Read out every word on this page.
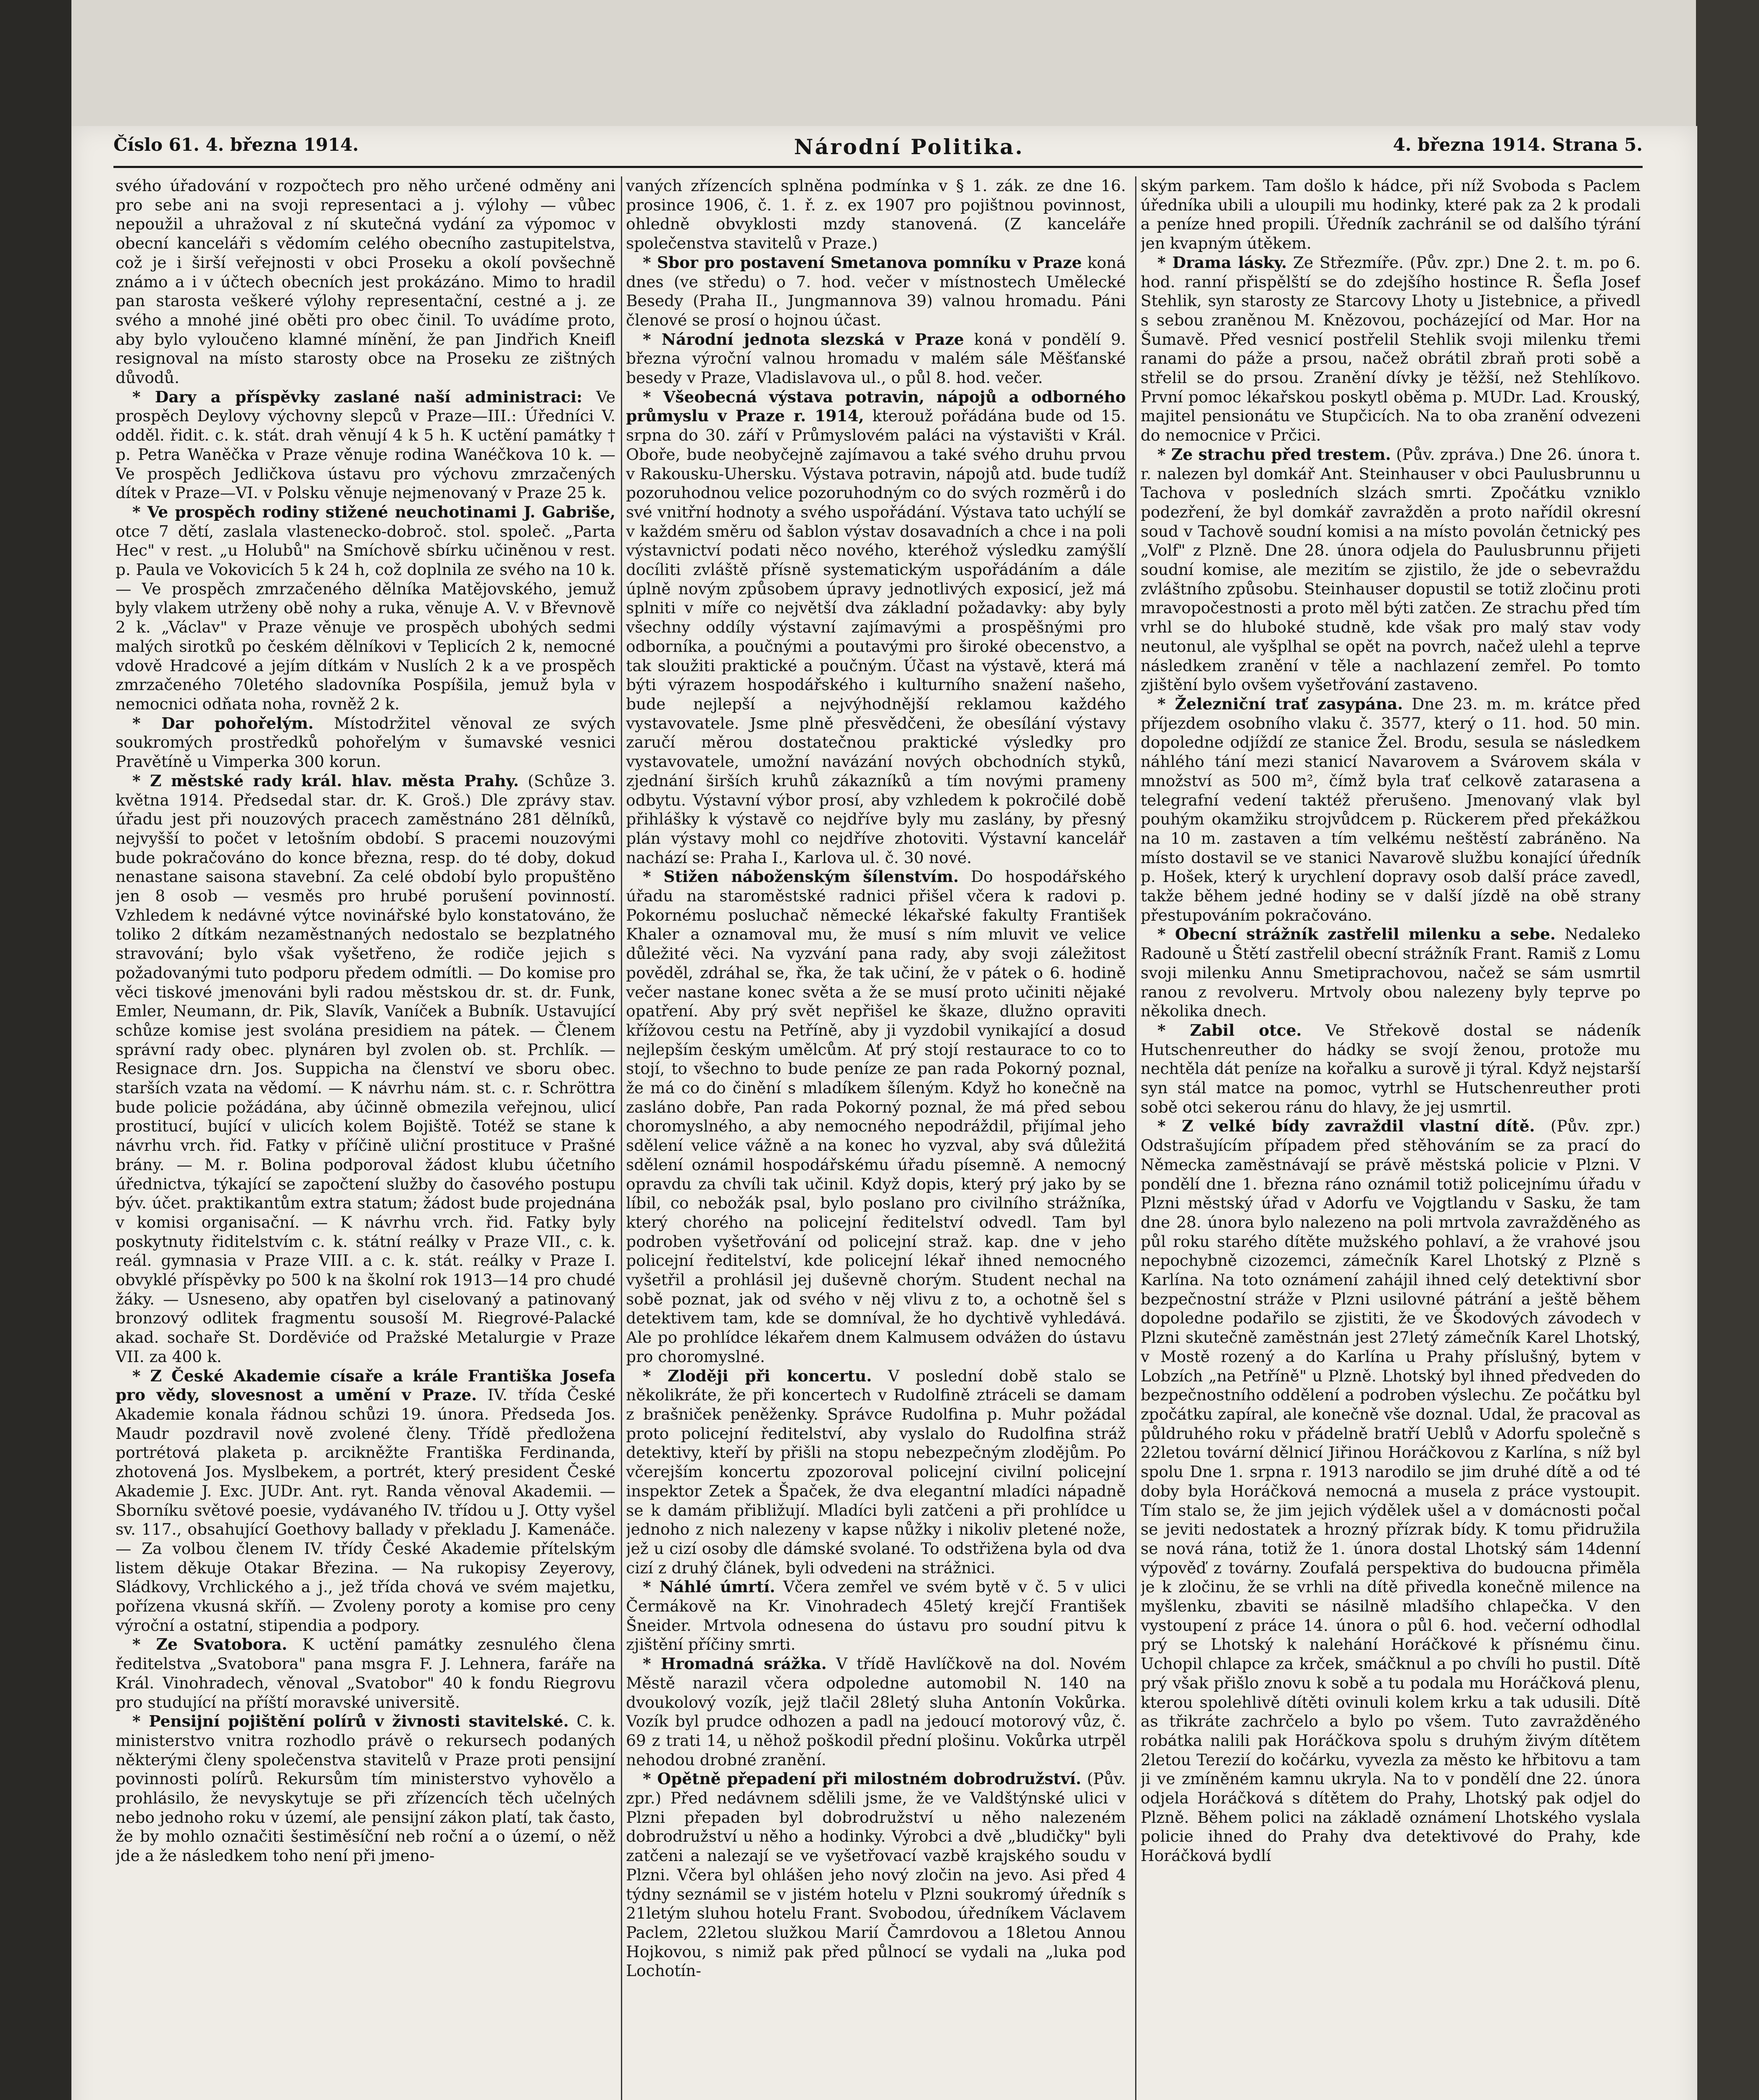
Číslo 61. 4. března 1914.	Národní Politika.	4. března 1914. Strana 5.

svého úřadování v rozpočtech pro něho určené odměny ani pro sebe ani na svoji representaci a j. výlohy — vůbec nepoužil a uhražoval z ní skutečná vydání za výpomoc v obecní kanceláři s vědomím celého obecního zastupitelstva, což je i širší veřejnosti v obci Proseku a okolí povšechně známo a i v účtech obecních jest prokázáno. Mimo to hradil pan starosta veškeré výlohy representační, cestné a j. ze svého a mnohé jiné oběti pro obec činil. To uvádíme proto, aby bylo vyloučeno klamné mínění, že pan Jindřich Kneifl resignoval na místo starosty obce na Proseku ze zištných důvodů.

* Dary a příspěvky zaslané naší administraci: Ve prospěch Deylovy výchovny slepců v Praze—III.: Úředníci V. odděl. řidit. c. k. stát. drah věnují 4 k 5 h. K uctění památky † p. Petra Waněčka v Praze věnuje rodina Wanéčkova 10 k. — Ve prospěch Jedličkova ústavu pro výchovu zmrzačených dítek v Praze—VI. v Polsku věnuje nejmenovaný v Praze 25 k.

* Ve prospěch rodiny stižené neuchotinami J. Gabriše, otce 7 dětí, zaslala vlastenecko-dobroč. stol. společ. „Parta Hec" v rest. „u Holubů" na Smíchově sbírku učiněnou v rest. p. Paula ve Vokovicích 5 k 24 h, což doplnila ze svého na 10 k. — Ve prospěch zmrzačeného dělníka Matějovského, jemuž byly vlakem utrženy obě nohy a ruka, věnuje A. V. v Břevnově 2 k. „Václav" v Praze věnuje ve prospěch ubohých sedmi malých sirotků po českém dělníkovi v Teplicích 2 k, nemocné vdově Hradcové a jejím dítkám v Nuslích 2 k a ve prospěch zmrzačeného 70letého sladovníka Pospíšila, jemuž byla v nemocnici odňata noha, rovněž 2 k.

* Dar pohořelým. Místodržitel věnoval ze svých soukromých prostředků pohořelým v šumavské vesnici Pravětíně u Vimperka 300 korun.

* Z městské rady král. hlav. města Prahy. (Schůze 3. května 1914. Předsedal star. dr. K. Groš.) Dle zprávy stav. úřadu jest při nouzových pracech zaměstnáno 281 dělníků, nejvyšší to počet v letošním období. S pracemi nouzovými bude pokračováno do konce března, resp. do té doby, dokud nenastane saisona stavební. Za celé období bylo propuštěno jen 8 osob — vesměs pro hrubé porušení povinností. Vzhledem k nedávné výtce novinářské bylo konstatováno, že toliko 2 dítkám nezaměstnaných nedostalo se bezplatného stravování; bylo však vyšetřeno, že rodiče jejich s požadovanými tuto podporu předem odmítli. — Do komise pro věci tiskové jmenováni byli radou městskou dr. st. dr. Funk, Emler, Neumann, dr. Pik, Slavík, Vaníček a Bubník. Ustavující schůze komise jest svolána presidiem na pátek. — Členem správní rady obec. plynáren byl zvolen ob. st. Prchlík. — Resignace drn. Jos. Suppicha na členství ve sboru obec. starších vzata na vědomí. — K návrhu nám. st. c. r. Schröttra bude policie požádána, aby účinně obmezila veřejnou, ulicí prostitucí, bující v ulicích kolem Bojiště. Totéž se stane k návrhu vrch. řid. Fatky v příčině uliční prostituce v Prašné brány. — M. r. Bolina podporoval žádost klubu účetního úřednictva, týkající se započtení služby do časového postupu býv. účet. praktikantům extra statum; žádost bude projednána v komisi organisační. — K návrhu vrch. řid. Fatky byly poskytnuty řiditelstvím c. k. státní reálky v Praze VII., c. k. reál. gymnasia v Praze VIII. a c. k. stát. reálky v Praze I. obvyklé příspěvky po 500 k na školní rok 1913—14 pro chudé žáky. — Usneseno, aby opatřen byl ciselovaný a patinovaný bronzový odlitek fragmentu sousoší M. Riegrové-Palacké akad. sochaře St. Dorděviće od Pražské Metalurgie v Praze VII. za 400 k.

* Z České Akademie císaře a krále Františka Josefa pro vědy, slovesnost a umění v Praze. IV. třída České Akademie konala řádnou schůzi 19. února. Předseda Jos. Maudr pozdravil nově zvolené členy. Třídě předložena portrétová plaketa p. arcikněžte Františka Ferdinanda, zhotovená Jos. Myslbekem, a portrét, který president České Akademie J. Exc. JUDr. Ant. ryt. Randa věnoval Akademii. — Sborníku světové poesie, vydávaného IV. třídou u J. Otty vyšel sv. 117., obsahující Goethovy ballady v překladu J. Kamenáče. — Za volbou členem IV. třídy České Akademie přítelským listem děkuje Otakar Březina. — Na rukopisy Zeyerovy, Sládkovy, Vrchlického a j., jež třída chová ve svém majetku, pořízena vkusná skříň. — Zvoleny poroty a komise pro ceny výroční a ostatní, stipendia a podpory.

* Ze Svatobora. K uctění památky zesnulého člena ředitelstva „Svatobora" pana msgra F. J. Lehnera, faráře na Král. Vinohradech, věnoval „Svatobor" 40 k fondu Riegrovu pro studující na příští moravské universitě.

* Pensijní pojištění polírů v živnosti stavitelské. C. k. ministerstvo vnitra rozhodlo právě o rekursech podaných některými členy společenstva stavitelů v Praze proti pensijní povinnosti polírů. Rekursům tím ministerstvo vyhovělo a prohlásilo, že nevyskytuje se při zřízencích těch učelných nebo jednoho roku v území, ale pensijní zákon platí, tak často, že by mohlo označiti šestiměsíční neb roční a o území, o něž jde a že následkem toho není při jmeno-

vaných zřízencích splněna podmínka v § 1. zák. ze dne 16. prosince 1906, č. 1. ř. z. ex 1907 pro pojištnou povinnost, ohledně obvyklosti mzdy stanovená. (Z kanceláře společenstva stavitelů v Praze.)

* Sbor pro postavení Smetanova pomníku v Praze koná dnes (ve středu) o 7. hod. večer v místnostech Umělecké Besedy (Praha II., Jungmannova 39) valnou hromadu. Páni členové se prosí o hojnou účast.

* Národní jednota slezská v Praze koná v pondělí 9. března výroční valnou hromadu v malém sále Měšťanské besedy v Praze, Vladislavova ul., o půl 8. hod. večer.

* Všeobecná výstava potravin, nápojů a odborného průmyslu v Praze r. 1914, kterouž pořádána bude od 15. srpna do 30. září v Průmyslovém paláci na výstavišti v Král. Oboře, bude neobyčejně zajímavou a také svého druhu prvou v Rakousku-Uhersku. Výstava potravin, nápojů atd. bude tudíž pozoruhodnou velice pozoruhodným co do svých rozměrů i do své vnitřní hodnoty a svého uspořádání. Výstava tato uchýlí se v každém směru od šablon výstav dosavadních a chce i na poli výstavnictví podati něco nového, kteréhož výsledku zamýšlí docíliti zvláště přísně systematickým uspořádáním a dále úplně novým způsobem úpravy jednotlivých exposicí, jež má splniti v míře co největší dva základní požadavky: aby byly všechny oddíly výstavní zajímavými a prospěšnými pro odborníka, a poučnými a poutavými pro široké obecenstvo, a tak sloužiti praktické a poučným. Účast na výstavě, která má býti výrazem hospodářského i kulturního snažení našeho, bude nejlepší a nejvýhodnější reklamou každého vystavovatele. Jsme plně přesvědčeni, že obesílání výstavy zaručí měrou dostatečnou praktické výsledky pro vystavovatele, umožní navázání nových obchodních styků, zjednání širších kruhů zákazníků a tím novými prameny odbytu. Výstavní výbor prosí, aby vzhledem k pokročilé době přihlášky k výstavě co nejdříve byly mu zaslány, by přesný plán výstavy mohl co nejdříve zhotoviti. Výstavní kancelář nachází se: Praha I., Karlova ul. č. 30 nové.

* Stižen náboženským šílenstvím. Do hospodářského úřadu na staroměstské radnici přišel včera k radovi p. Pokornému posluchač německé lékařské fakulty František Khaler a oznamoval mu, že musí s ním mluvit ve velice důležité věci. Na vyzvání pana rady, aby svoji záležitost pověděl, zdráhal se, řka, že tak učiní, že v pátek o 6. hodině večer nastane konec světa a že se musí proto učiniti nějaké opatření. Aby prý svět nepřišel ke škaze, dlužno opraviti křížovou cestu na Petříně, aby ji vyzdobil vynikající a dosud nejlepším českým umělcům. Ať prý stojí restaurace to co to stojí, to všechno to bude peníze ze pan rada Pokorný poznal, že má co do činění s mladíkem šíleným. Když ho konečně na zasláno dobře, Pan rada Pokorný poznal, že má před sebou choromyslného, a aby nemocného nepodráždil, přijímal jeho sdělení velice vážně a na konec ho vyzval, aby svá důležitá sdělení oznámil hospodářskému úřadu písemně. A nemocný opravdu za chvíli tak učinil. Když dopis, který prý jako by se líbil, co nebožák psal, bylo poslano pro civilního strážníka, který chorého na policejní ředitelství odvedl. Tam byl podroben vyšetřování od policejní straž. kap. dne v jeho policejní ředitelství, kde policejní lékař ihned nemocného vyšetřil a prohlásil jej duševně chorým. Student nechal na sobě poznat, jak od svého v něj vlivu z to, a ochotně šel s detektivem tam, kde se domníval, že ho dychtivě vyhledává. Ale po prohlídce lékařem dnem Kalmusem odvážen do ústavu pro choromyslné.

* Zloději při koncertu. V poslední době stalo se několikráte, že při koncertech v Rudolfině ztráceli se damam z brašniček peněženky. Správce Rudolfina p. Muhr požádal proto policejní ředitelství, aby vyslalo do Rudolfina stráž detektivy, kteří by přišli na stopu nebezpečným zlodějům. Po včerejším koncertu zpozoroval policejní civilní policejní inspektor Zetek a Špaček, že dva elegantní mladíci nápadně se k damám přibližují. Mladíci byli zatčeni a při prohlídce u jednoho z nich nalezeny v kapse nůžky i nikoliv pletené nože, jež u cizí osoby dle dámské svolané. To odstřižena byla od dva cizí z druhý článek, byli odvedeni na strážnici.

* Náhlé úmrtí. Včera zemřel ve svém bytě v č. 5 v ulici Čermákově na Kr. Vinohradech 45letý krejčí František Šneider. Mrtvola odnesena do ústavu pro soudní pitvu k zjištění příčiny smrti.

* Hromadná srážka. V třídě Havlíčkově na dol. Novém Městě narazil včera odpoledne automobil N. 140 na dvoukolový vozík, jejž tlačil 28letý sluha Antonín Vokůrka. Vozík byl prudce odhozen a padl na jedoucí motorový vůz, č. 69 z trati 14, u něhož poškodil přední plošinu. Vokůrka utrpěl nehodou drobné zranění.

* Opětně přepadení při milostném dobrodružství. (Pův. zpr.) Před nedávnem sdělili jsme, že ve Valdštýnské ulici v Plzni přepaden byl dobrodružství u něho nalezeném dobrodružství u něho a hodinky. Výrobci a dvě „bludičky" byli zatčeni a nalezají se ve vyšetřovací vazbě krajského soudu v Plzni. Včera byl ohlášen jeho nový zločin na jevo. Asi před 4 týdny seznámil se v jistém hotelu v Plzni soukromý úředník s 21letým sluhou hotelu Frant. Svobodou, úředníkem Václavem Paclem, 22letou služkou Marií Čamrdovou a 18letou Annou Hojkovou, s nimiž pak před půlnocí se vydali na „luka pod Lochotín-

ským parkem. Tam došlo k hádce, při níž Svoboda s Paclem úředníka ubili a uloupili mu hodinky, které pak za 2 k prodali a peníze hned propili. Úředník zachránil se od dalšího týrání jen kvapným útěkem.

* Drama lásky. Ze Střezmíře. (Pův. zpr.) Dne 2. t. m. po 6. hod. ranní přispělští se do zdejšího hostince R. Šefla Josef Stehlik, syn starosty ze Starcovy Lhoty u Jistebnice, a přivedl s sebou zraněnou M. Knězovou, pocházející od Mar. Hor na Šumavě. Před vesnicí postřelil Stehlik svoji milenku třemi ranami do páže a prsou, načež obrátil zbraň proti sobě a střelil se do prsou. Zranění dívky je těžší, než Stehlíkovo. První pomoc lékařskou poskytl oběma p. MUDr. Lad. Krouský, majitel pensionátu ve Stupčicích. Na to oba zranění odvezeni do nemocnice v Prčici.

* Ze strachu před trestem. (Pův. zpráva.) Dne 26. února t. r. nalezen byl domkář Ant. Steinhauser v obci Paulusbrunnu u Tachova v posledních slzách smrti. Zpočátku vzniklo podezření, že byl domkář zavražděn a proto nařídil okresní soud v Tachově soudní komisi a na místo povolán četnický pes „Volf" z Plzně. Dne 28. února odjela do Paulusbrunnu přijeti soudní komise, ale mezitím se zjistilo, že jde o sebevraždu zvláštního způsobu. Steinhauser dopustil se totiž zločinu proti mravopočestnosti a proto měl býti zatčen. Ze strachu před tím vrhl se do hluboké studně, kde však pro malý stav vody neutonul, ale vyšplhal se opět na povrch, načež ulehl a teprve následkem zranění v těle a nachlazení zemřel. Po tomto zjištění bylo ovšem vyšetřování zastaveno.

* Železniční trať zasypána. Dne 23. m. m. krátce před příjezdem osobního vlaku č. 3577, který o 11. hod. 50 min. dopoledne odjíždí ze stanice Žel. Brodu, sesula se následkem náhlého tání mezi stanicí Navarovem a Svárovem skála v množství as 500 m², čímž byla trať celkově zatarasena a telegrafní vedení taktéž přerušeno. Jmenovaný vlak byl pouhým okamžiku strojvůdcem p. Rückerem před překážkou na 10 m. zastaven a tím velkému neštěstí zabráněno. Na místo dostavil se ve stanici Navarově službu konající úředník p. Hošek, který k urychlení dopravy osob další práce zavedl, takže během jedné hodiny se v další jízdě na obě strany přestupováním pokračováno.

* Obecní strážník zastřelil milenku a sebe. Nedaleko Radouně u Štětí zastřelil obecní strážník Frant. Ramiš z Lomu svoji milenku Annu Smetiprachovou, načež se sám usmrtil ranou z revolveru. Mrtvoly obou nalezeny byly teprve po několika dnech.

* Zabil otce. Ve Střekově dostal se nádeník Hutschenreuther do hádky se svojí ženou, protože mu nechtěla dát peníze na kořalku a surově ji týral. Když nejstarší syn stál matce na pomoc, vytrhl se Hutschenreuther proti sobě otci sekerou ránu do hlavy, že jej usmrtil.

* Z velké bídy zavraždil vlastní dítě. (Pův. zpr.) Odstrašujícím případem před stěhováním se za prací do Německa zaměstnávají se právě městská policie v Plzni. V pondělí dne 1. března ráno oznámil totiž policejnímu úřadu v Plzni městský úřad v Adorfu ve Vojgtlandu v Sasku, že tam dne 28. února bylo nalezeno na poli mrtvola zavražděného as půl roku starého dítěte mužského pohlaví, a že vrahové jsou nepochybně cizozemci, zámečník Karel Lhotský z Plzně s Karlína. Na toto oznámení zahájil ihned celý detektivní sbor bezpečnostní stráže v Plzni usilovné pátrání a ještě během dopoledne podařilo se zjistiti, že ve Škodových závodech v Plzni skutečně zaměstnán jest 27letý zámečník Karel Lhotský, v Mostě rozený a do Karlína u Prahy příslušný, bytem v Lobzích „na Petříně" u Plzně. Lhotský byl ihned předveden do bezpečnostního oddělení a podroben výslechu. Ze počátku byl zpočátku zapíral, ale konečně vše doznal. Udal, že pracoval as půldruhého roku v přádelně bratří Ueblů v Adorfu společně s 22letou tovární dělnicí Jiřinou Horáčkovou z Karlína, s níž byl spolu Dne 1. srpna r. 1913 narodilo se jim druhé dítě a od té doby byla Horáčková nemocná a musela z práce vystoupit. Tím stalo se, že jim jejich výdělek ušel a v domácnosti počal se jeviti nedostatek a hrozný přízrak bídy. K tomu přidružila se nová rána, totiž že 1. února dostal Lhotský sám 14denní výpověď z továrny. Zoufalá perspektiva do budoucna přiměla je k zločinu, že se vrhli na dítě přivedla konečně milence na myšlenku, zbaviti se násilně mladšího chlapečka. V den vystoupení z práce 14. února o půl 6. hod. večerní odhodlal prý se Lhotský k nalehání Horáčkové k přísnému činu. Uchopil chlapce za krček, smáčknul a po chvíli ho pustil. Dítě prý však přišlo znovu k sobě a tu podala mu Horáčková plenu, kterou spolehlivě dítěti ovinuli kolem krku a tak udusili. Dítě as třikráte zachrčelo a bylo po všem. Tuto zavražděného robátka nalili pak Horáčkova spolu s druhým živým dítětem 2letou Terezií do kočárku, vyvezla za město ke hřbitovu a tam ji ve zmíněném kamnu ukryla. Na to v pondělí dne 22. února odjela Horáčková s dítětem do Prahy, Lhotský pak odjel do Plzně. Během polici na základě oznámení Lhotského vyslala policie ihned do Prahy dva detektivové do Prahy, kde Horáčková bydlí
